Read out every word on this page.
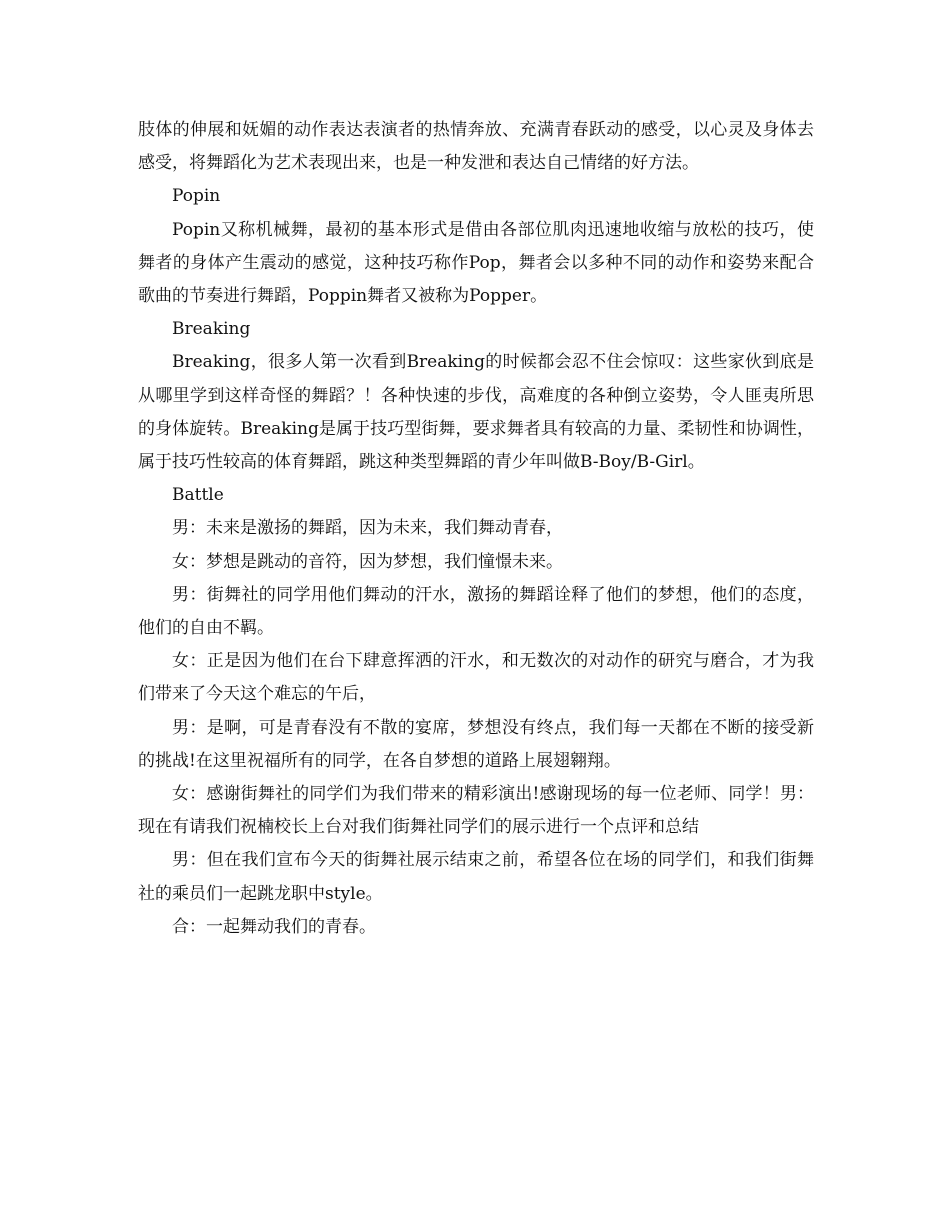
肢体的伸展和妩媚的动作表达表演者的热情奔放、充满青春跃动的感受，以心灵及身体去感受，将舞蹈化为艺术表现出来，也是一种发泄和表达自己情绪的好方法。

Popin

Popin又称机械舞，最初的基本形式是借由各部位肌肉迅速地收缩与放松的技巧，使舞者的身体产生震动的感觉，这种技巧称作Pop，舞者会以多种不同的动作和姿势来配合歌曲的节奏进行舞蹈，Poppin舞者又被称为Popper。

Breaking

Breaking，很多人第一次看到Breaking的时候都会忍不住会惊叹：这些家伙到底是从哪里学到这样奇怪的舞蹈？！各种快速的步伐，高难度的各种倒立姿势，令人匪夷所思的身体旋转。Breaking是属于技巧型街舞，要求舞者具有较高的力量、柔韧性和协调性，属于技巧性较高的体育舞蹈，跳这种类型舞蹈的青少年叫做B-Boy/B-Girl。

Battle

男：未来是激扬的舞蹈，因为未来，我们舞动青春，

女：梦想是跳动的音符，因为梦想，我们憧憬未来。

男：街舞社的同学用他们舞动的汗水，激扬的舞蹈诠释了他们的梦想，他们的态度，他们的自由不羁。

女：正是因为他们在台下肆意挥洒的汗水，和无数次的对动作的研究与磨合，才为我们带来了今天这个难忘的午后，

男：是啊，可是青春没有不散的宴席，梦想没有终点，我们每一天都在不断的接受新的挑战!在这里祝福所有的同学，在各自梦想的道路上展翅翱翔。

女：感谢街舞社的同学们为我们带来的精彩演出!感谢现场的每一位老师、同学！男：现在有请我们祝楠校长上台对我们街舞社同学们的展示进行一个点评和总结

男：但在我们宣布今天的街舞社展示结束之前，希望各位在场的同学们，和我们街舞社的乘员们一起跳龙职中style。

合：一起舞动我们的青春。
